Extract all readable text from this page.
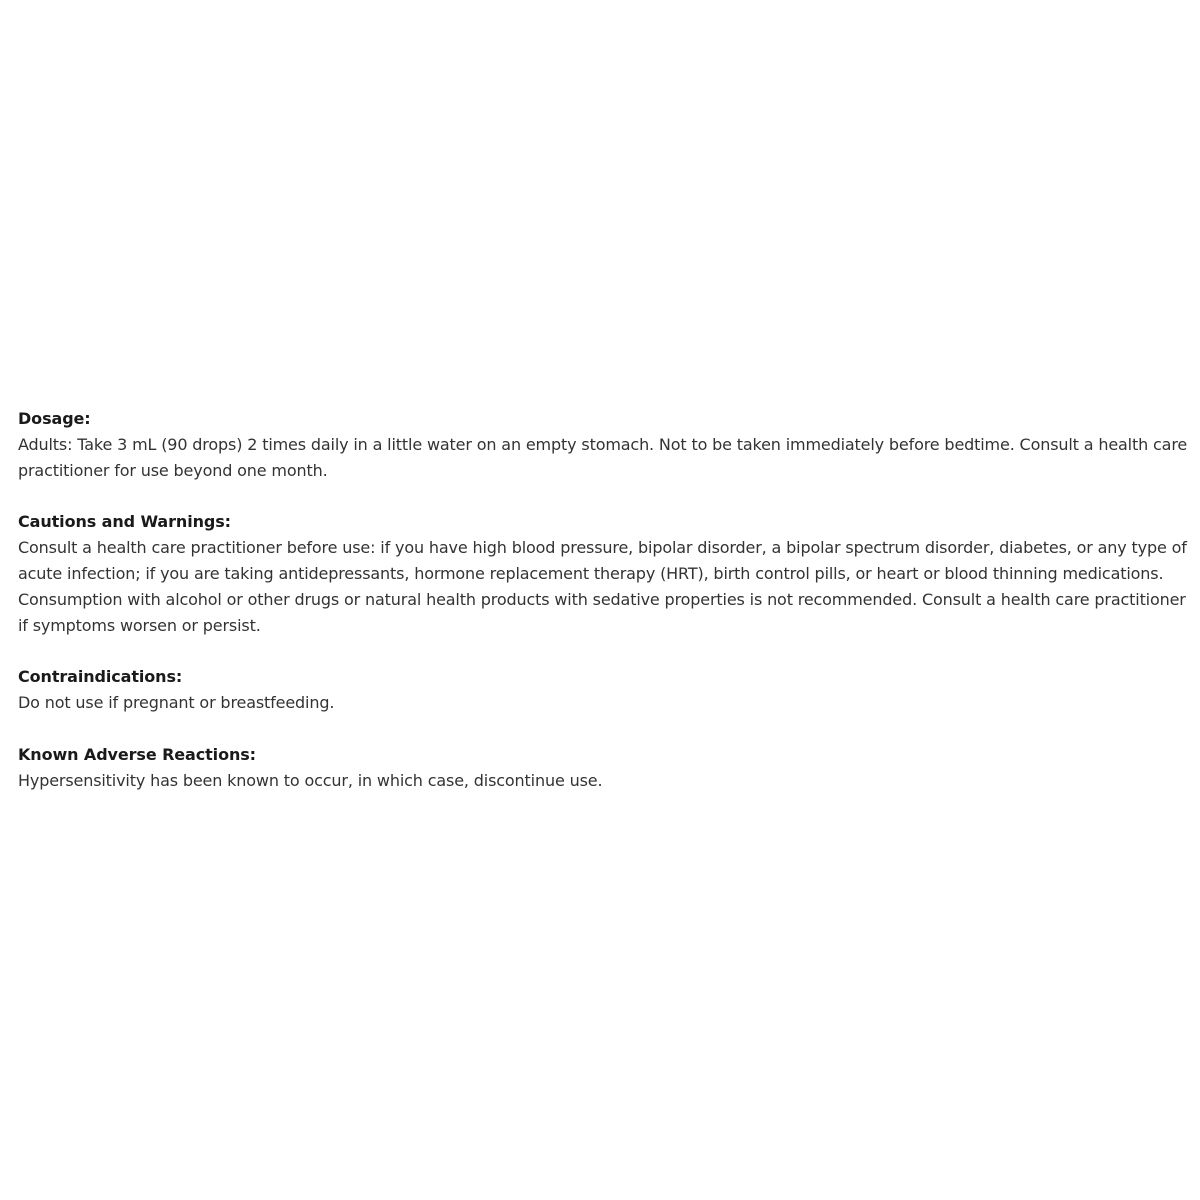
Dosage:

Adults: Take 3 mL (90 drops) 2 times daily in a little water on an empty stomach. Not to be taken immediately before bedtime. Consult a health care practitioner for use beyond one month.

Cautions and Warnings:

Consult a health care practitioner before use: if you have high blood pressure, bipolar disorder, a bipolar spectrum disorder, diabetes, or any type of acute infection; if you are taking antidepressants, hormone replacement therapy (HRT), birth control pills, or heart or blood thinning medications. Consumption with alcohol or other drugs or natural health products with sedative properties is not recommended. Consult a health care practitioner if symptoms worsen or persist.

Contraindications:

Do not use if pregnant or breastfeeding.

Known Adverse Reactions:

Hypersensitivity has been known to occur, in which case, discontinue use.
